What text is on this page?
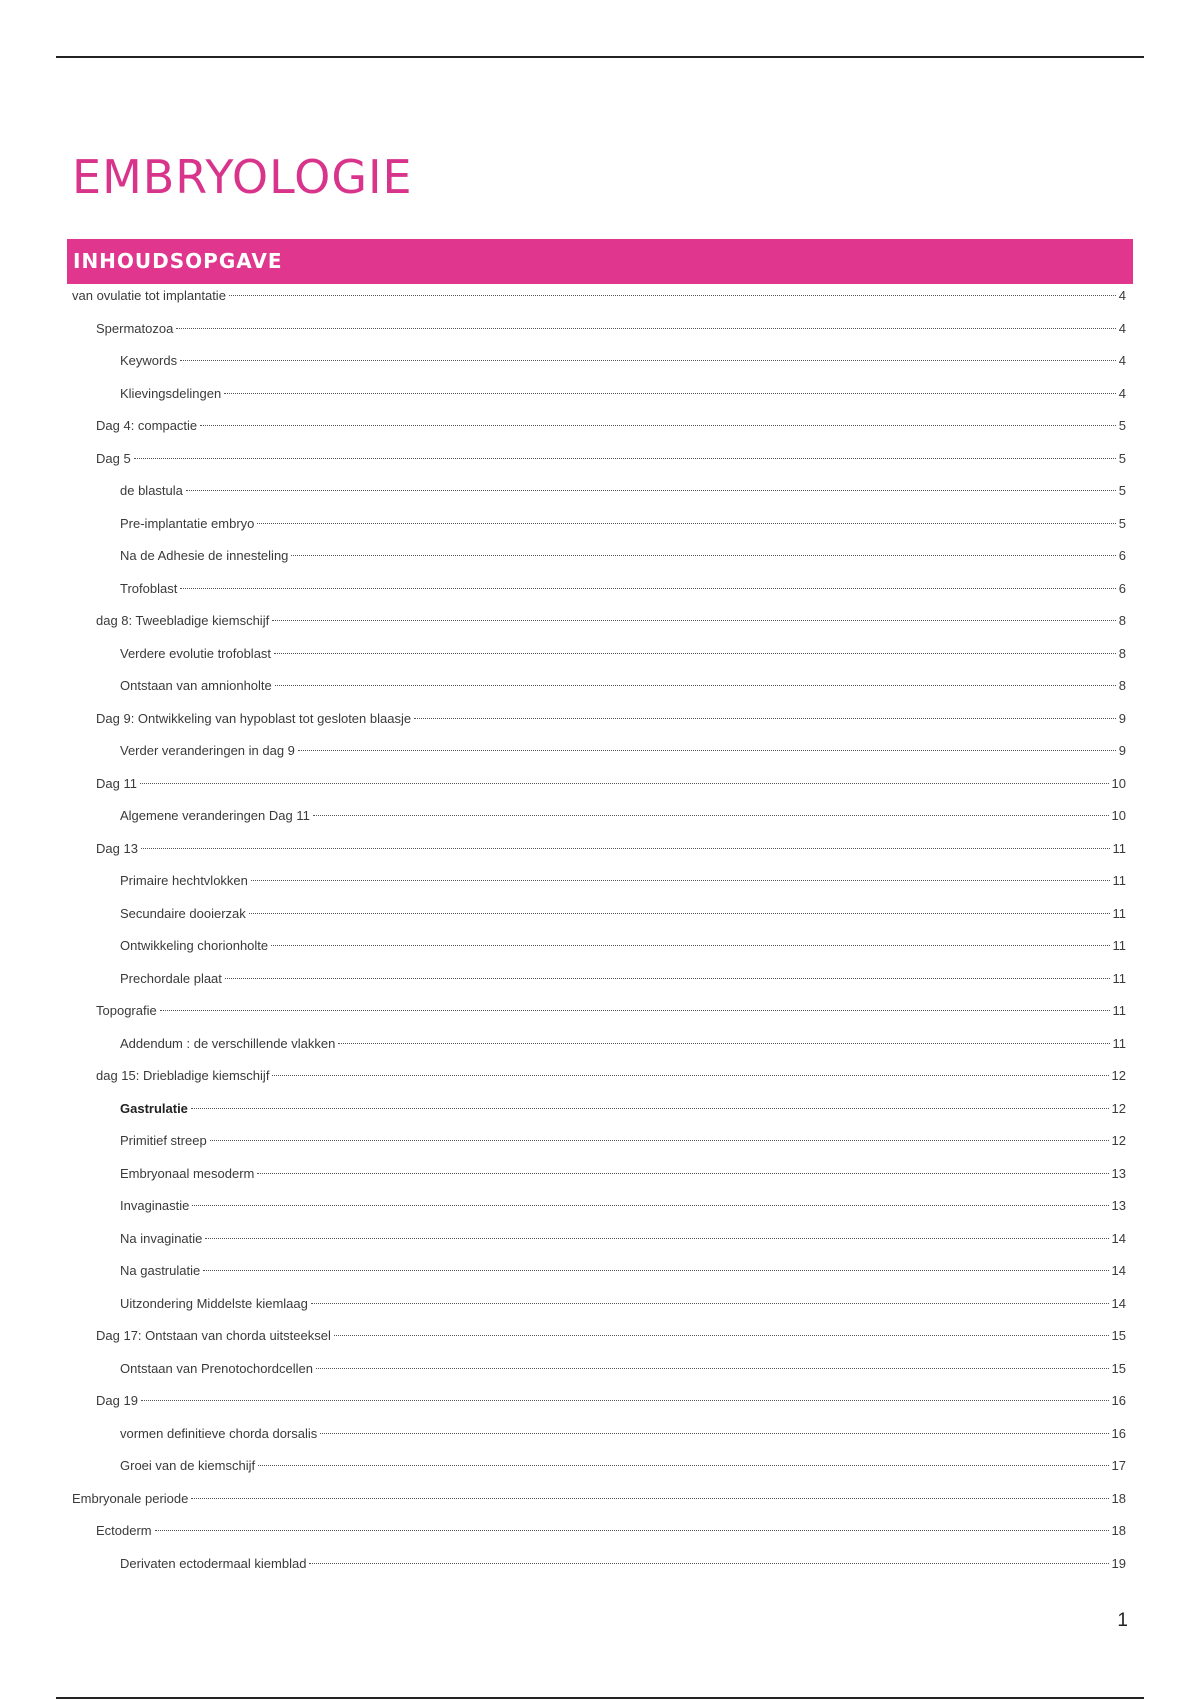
EMBRYOLOGIE
INHOUDSOPGAVE
van ovulatie tot implantatie	4
Spermatozoa	4
Keywords	4
Klievingsdelingen	4
Dag 4: compactie	5
Dag 5	5
de blastula	5
Pre-implantatie embryo	5
Na de Adhesie de innesteling	6
Trofoblast	6
dag 8: Tweebladige kiemschijf	8
Verdere evolutie trofoblast	8
Ontstaan van amnionholte	8
Dag 9: Ontwikkeling van hypoblast tot gesloten blaasje	9
Verder veranderingen in dag 9	9
Dag 11	10
Algemene veranderingen Dag 11	10
Dag 13	11
Primaire hechtvlokken	11
Secundaire dooierzak	11
Ontwikkeling chorionholte	11
Prechordale plaat	11
Topografie	11
Addendum : de verschillende vlakken	11
dag 15: Driebladige kiemschijf	12
Gastrulatie	12
Primitief streep	12
Embryonaal mesoderm	13
Invaginastie	13
Na invaginatie	14
Na gastrulatie	14
Uitzondering Middelste kiemlaag	14
Dag 17: Ontstaan van chorda uitsteeksel	15
Ontstaan van Prenotochordcellen	15
Dag 19	16
vormen definitieve chorda dorsalis	16
Groei van de kiemschijf	17
Embryonale periode	18
Ectoderm	18
Derivaten ectodermaal kiemblad	19
1
